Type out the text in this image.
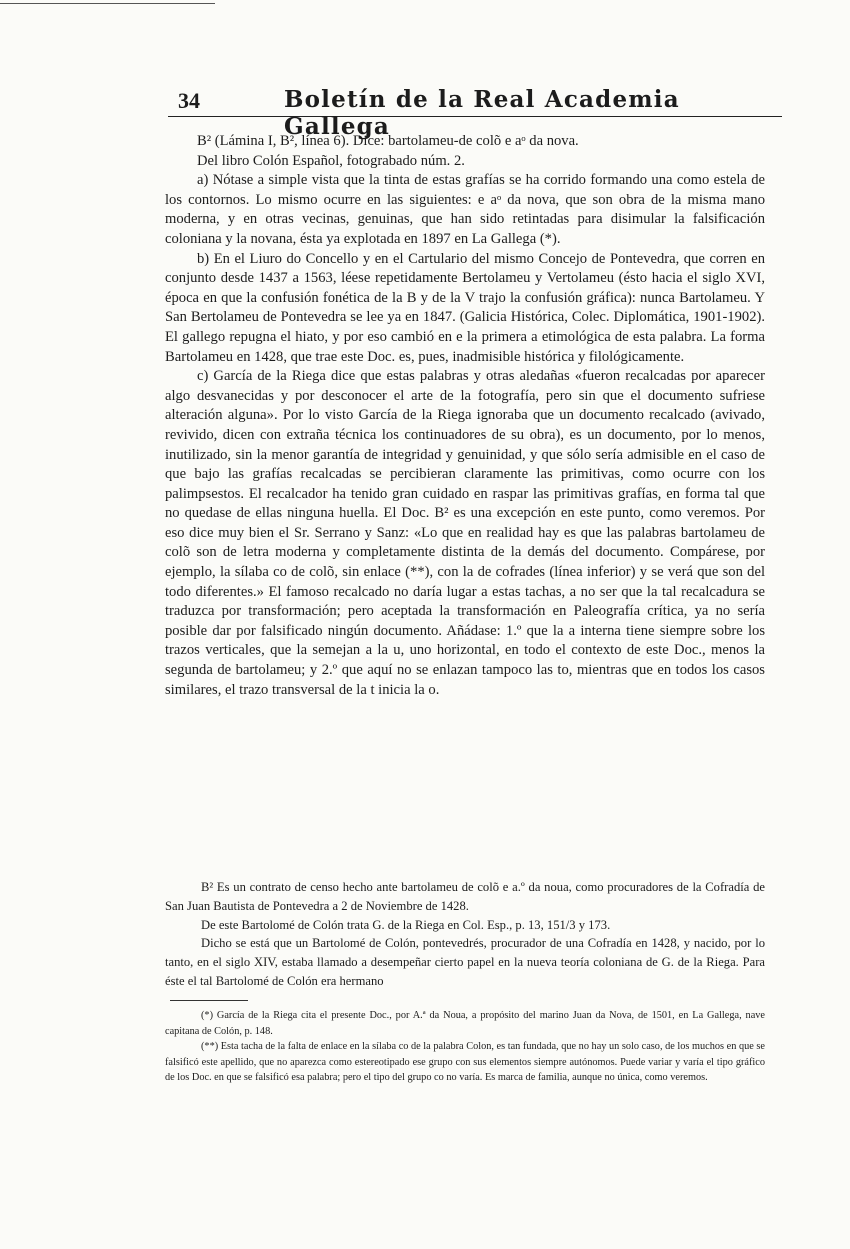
34	Boletín de la Real Academia Gallega

B² (Lámina I, B², línea 6). Dice: bartolameu-de colõ e aᵒ da nova.

Del libro Colón Español, fotograbado núm. 2.

a) Nótase a simple vista que la tinta de estas grafías se ha corrido formando una como estela de los contornos. Lo mismo ocurre en las siguientes: e aᵒ da nova, que son obra de la misma mano moderna, y en otras vecinas, genuinas, que han sido retintadas para disimular la falsificación coloniana y la novana, ésta ya explotada en 1897 en La Gallega (*).

b) En el Liuro do Concello y en el Cartulario del mismo Concejo de Pontevedra, que corren en conjunto desde 1437 a 1563, léese repetidamente Bertolameu y Vertolameu (ésto hacia el siglo XVI, época en que la confusión fonética de la B y de la V trajo la confusión gráfica): nunca Bartolameu. Y San Bertolameu de Pontevedra se lee ya en 1847. (Galicia Histórica, Colec. Diplomática, 1901-1902). El gallego repugna el hiato, y por eso cambió en e la primera a etimológica de esta palabra. La forma Bartolameu en 1428, que trae este Doc. es, pues, inadmisible histórica y filológicamente.

c) García de la Riega dice que estas palabras y otras aledañas «fueron recalcadas por aparecer algo desvanecidas y por desconocer el arte de la fotografía, pero sin que el documento sufriese alteración alguna». Por lo visto García de la Riega ignoraba que un documento recalcado (avivado, revivido, dicen con extraña técnica los continuadores de su obra), es un documento, por lo menos, inutilizado, sin la menor garantía de integridad y genuinidad, y que sólo sería admisible en el caso de que bajo las grafías recalcadas se percibieran claramente las primitivas, como ocurre con los palimpsestos. El recalcador ha tenido gran cuidado en raspar las primitivas grafías, en forma tal que no quedase de ellas ninguna huella. El Doc. B² es una excepción en este punto, como veremos. Por eso dice muy bien el Sr. Serrano y Sanz: «Lo que en realidad hay es que las palabras bartolameu de colõ son de letra moderna y completamente distinta de la demás del documento. Compárese, por ejemplo, la sílaba co de colõ, sin enlace (**), con la de cofrades (línea inferior) y se verá que son del todo diferentes.» El famoso recalcado no daría lugar a estas tachas, a no ser que la tal recalcadura se traduzca por transformación; pero aceptada la transformación en Paleografía crítica, ya no sería posible dar por falsificado ningún documento. Añádase: 1.º que la a interna tiene siempre sobre los trazos verticales, que la semejan a la u, uno horizontal, en todo el contexto de este Doc., menos la segunda de bartolameu; y 2.º que aquí no se enlazan tampoco las to, mientras que en todos los casos similares, el trazo transversal de la t inicia la o.

B² Es un contrato de censo hecho ante bartolameu de colõ e a.º da noua, como procuradores de la Cofradía de San Juan Bautista de Pontevedra a 2 de Noviembre de 1428.

De este Bartolomé de Colón trata G. de la Riega en Col. Esp., p. 13, 151/3 y 173.

Dicho se está que un Bartolomé de Colón, pontevedrés, procurador de una Cofradía en 1428, y nacido, por lo tanto, en el siglo XIV, estaba llamado a desempeñar cierto papel en la nueva teoría coloniana de G. de la Riega. Para éste el tal Bartolomé de Colón era hermano

(*) García de la Riega cita el presente Doc., por A.ª da Noua, a propósito del marino Juan da Nova, de 1501, en La Gallega, nave capitana de Colón, p. 148.

(**) Esta tacha de la falta de enlace en la sílaba co de la palabra Colon, es tan fundada, que no hay un solo caso, de los muchos en que se falsificó este apellido, que no aparezca como estereotipado ese grupo con sus elementos siempre autónomos. Puede variar y varía el tipo gráfico de los Doc. en que se falsificó esa palabra; pero el tipo del grupo co no varía. Es marca de familia, aunque no única, como veremos.
